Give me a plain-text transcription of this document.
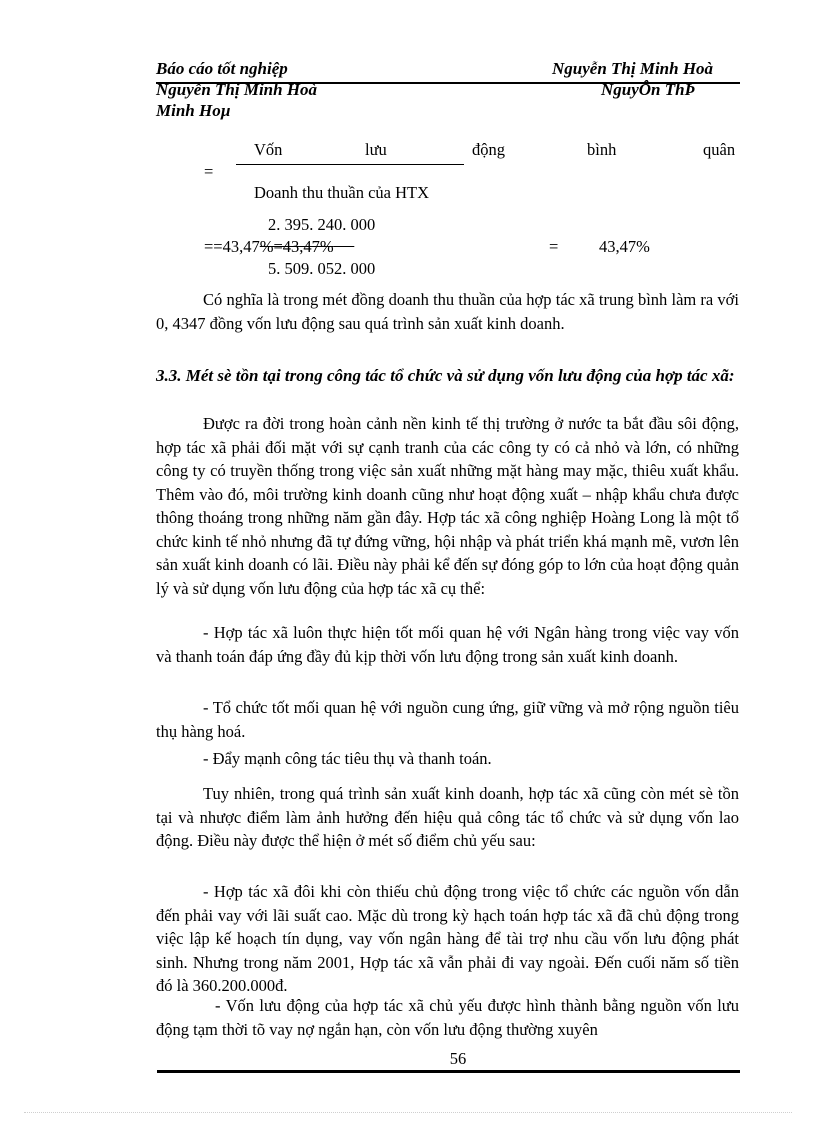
Báo cáo tốt nghiệp	Nguyễn Thị Minh Hoà
Nguyễn Thị Minh Hoà	NguyÔn ThÞ
Minh Hoµ
Vốn	lưu	động	bình	quân
=
Doanh thu thuần của HTX
2. 395. 240. 000
==43,47%=43,47%	= 43,47%
5. 509. 052. 000
Có nghĩa là trong mét đồng doanh thu thuần của hợp tác xã trung bình làm ra với 0, 4347 đồng vốn lưu động sau quá trình sản xuất kinh doanh.
3.3. Mét sè tồn tại trong công tác tổ chức và sử dụng vốn lưu động của hợp tác xã:
Được ra đời trong hoàn cảnh nền kinh tế thị trường ở nước ta bắt đầu sôi động, hợp tác xã phải đối mặt với sự cạnh tranh của các công ty có cả nhỏ và lớn, có những công ty có truyền thống trong việc sản xuất những mặt hàng may mặc, thiêu xuất khẩu. Thêm vào đó, môi trường kinh doanh cũng như hoạt động xuất – nhập khẩu chưa được thông thoáng trong những năm gần đây. Hợp tác xã công nghiệp Hoàng Long là một tổ chức kinh tế nhỏ nhưng đã tự đứng vững, hội nhập và phát triển khá mạnh mẽ, vươn lên sản xuất kinh doanh có lãi. Điều này phải kể đến sự đóng góp to lớn của hoạt động quản lý và sử dụng vốn lưu động của hợp tác xã cụ thể:
- Hợp tác xã luôn thực hiện tốt mối quan hệ với Ngân hàng trong việc vay vốn và thanh toán đáp ứng đầy đủ kịp thời vốn lưu động trong sản xuất kinh doanh.
- Tổ chức tốt mối quan hệ với nguồn cung ứng, giữ vững và mở rộng nguồn tiêu thụ hàng hoá.
- Đẩy mạnh công tác tiêu thụ và thanh toán.
Tuy nhiên, trong quá trình sản xuất kinh doanh, hợp tác xã cũng còn mét sè tồn tại và nhược điểm làm ảnh hưởng đến hiệu quả công tác tổ chức và sử dụng vốn lao động. Điều này được thể hiện ở mét số điểm chủ yếu sau:
- Hợp tác xã đôi khi còn thiếu chủ động trong việc tổ chức các nguồn vốn dẫn đến phải vay với lãi suất cao. Mặc dù trong kỳ hạch toán hợp tác xã đã chủ động trong việc lập kế hoạch tín dụng, vay vốn ngân hàng để tài trợ nhu cầu vốn lưu động phát sinh. Nhưng trong năm 2001, Hợp tác xã vẫn phải đi vay ngoài. Đến cuối năm số tiền đó là 360.200.000đ.
- Vốn lưu động của hợp tác xã chủ yếu được hình thành bằng nguồn vốn lưu động tạm thời tõ vay nợ ngắn hạn, còn vốn lưu động thường xuyên
56
